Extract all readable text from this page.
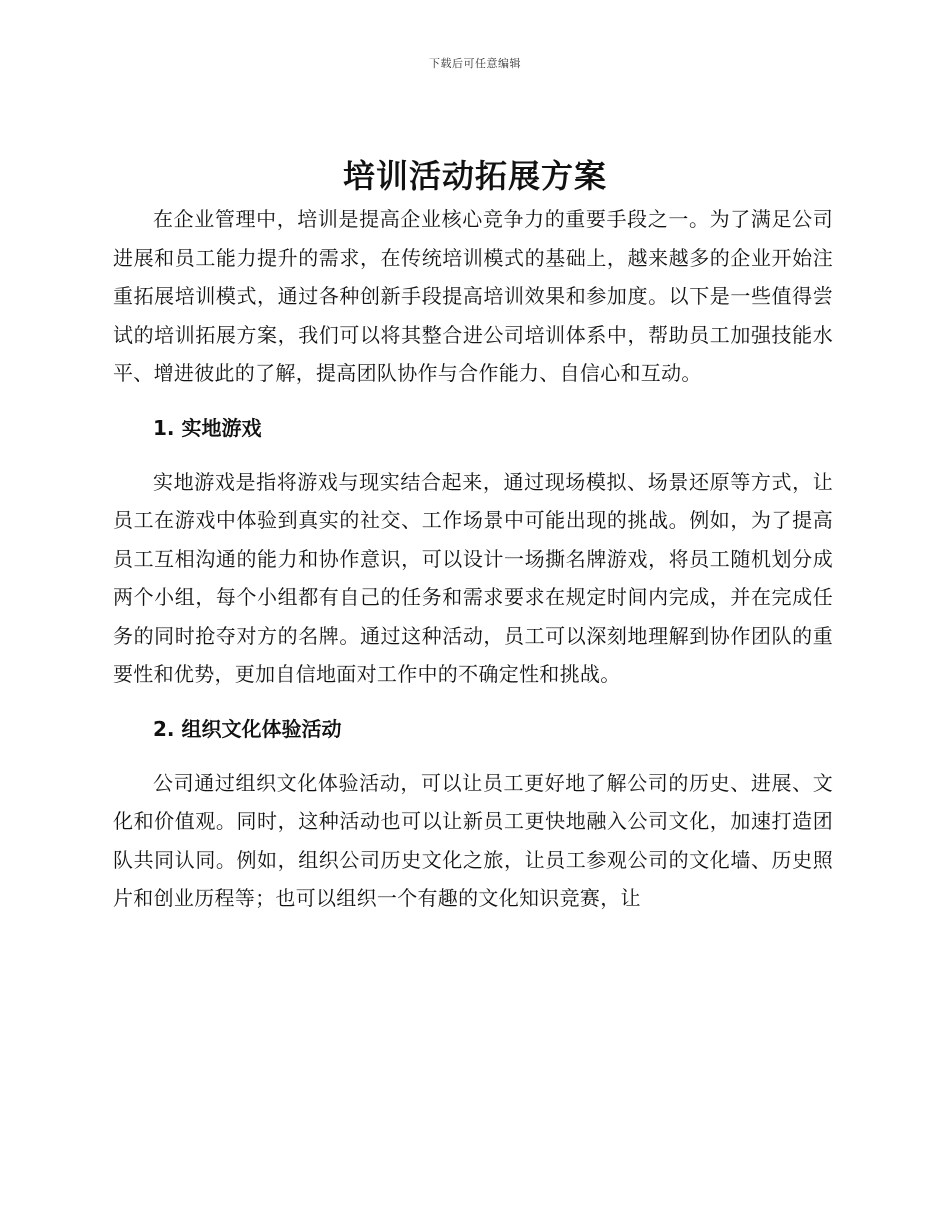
下载后可任意编辑
培训活动拓展方案

在企业管理中，培训是提高企业核心竞争力的重要手段之一。为了满足公司进展和员工能力提升的需求，在传统培训模式的基础上，越来越多的企业开始注重拓展培训模式，通过各种创新手段提高培训效果和参加度。以下是一些值得尝试的培训拓展方案，我们可以将其整合进公司培训体系中，帮助员工加强技能水平、增进彼此的了解，提高团队协作与合作能力、自信心和互动。

1. 实地游戏

实地游戏是指将游戏与现实结合起来，通过现场模拟、场景还原等方式，让员工在游戏中体验到真实的社交、工作场景中可能出现的挑战。例如，为了提高员工互相沟通的能力和协作意识，可以设计一场撕名牌游戏，将员工随机划分成两个小组，每个小组都有自己的任务和需求要求在规定时间内完成，并在完成任务的同时抢夺对方的名牌。通过这种活动，员工可以深刻地理解到协作团队的重要性和优势，更加自信地面对工作中的不确定性和挑战。

2. 组织文化体验活动

公司通过组织文化体验活动，可以让员工更好地了解公司的历史、进展、文化和价值观。同时，这种活动也可以让新员工更快地融入公司文化，加速打造团队共同认同。例如，组织公司历史文化之旅，让员工参观公司的文化墙、历史照片和创业历程等；也可以组织一个有趣的文化知识竞赛，让
